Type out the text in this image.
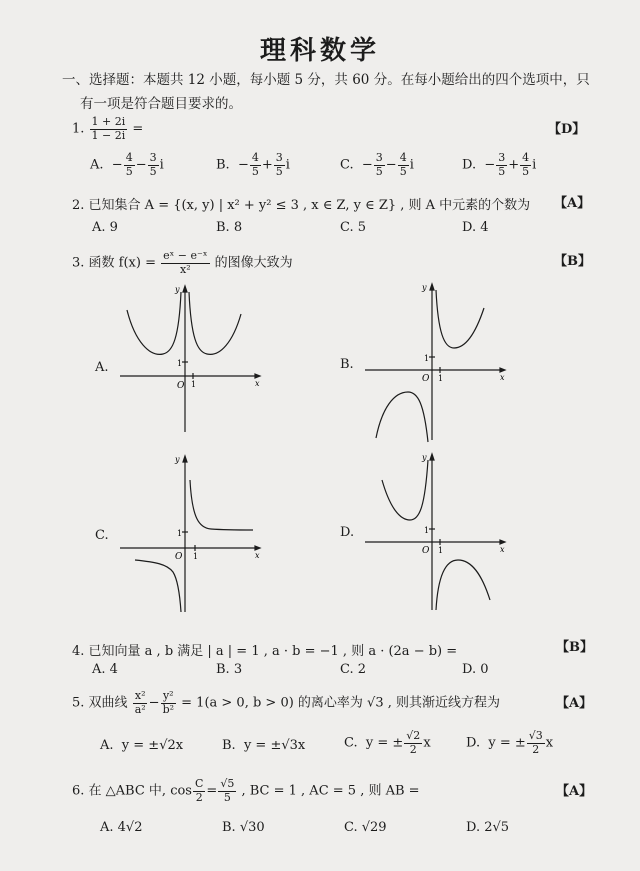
理科数学
一、选择题：本题共 12 小题，每小题 5 分，共 60 分。在每小题给出的四个选项中，只
有一项是符合题目要求的。
1. $\frac{1 + 2i}{1 - 2i}$ =	【D】
A. − $\frac{4}{5} - \frac{3}{5}$ i	B. − $\frac{4}{5} + \frac{3}{5}$ i	C. − $\frac{3}{5} - \frac{4}{5}$ i	D. − $\frac{3}{5} + \frac{4}{5}$ i
2. 已知集合 A = {(x, y) | x² + y² ≤ 3 , x ∈ Z, y ∈ Z} , 则 A 中元素的个数为 【A】
A. 9	B. 8	C. 5	D. 4
3. 函数 $f(x) = \frac{\text{eˣ − e⁻ˣ}}{\text{x²}}$ 的图像大致为	【B】
A.
O 1
1
x
y
B.
O 1
1
x
y
C.
O 1
1
x
y
D.
O 1
1
x
y
4. 已知向量 a , b 满足 | a | = 1 , a · b = −1 , 则 a · (2a − b) =	【B】
A. 4	B. 3	C. 2	D. 0
5. 双曲线 $\frac{\text{x²}}{\text{a²}} - \frac{\text{y²}}{\text{b²}} = 1(a > 0$, b > 0) 的离心率为 √3 , 则其渐近线方程为	【A】
A. y = ±√2x	B. y = ±√3x	C. y = ± $\frac{√2}{2}$ x	D. y = ± $\frac{√3}{2}$ x
6. 在 △ABC 中, $\cos \frac{C}{2} = \frac{√5}{5}$ , BC = 1 , AC = 5 , 则 AB =	【A】
A. 4√2	B. √30	C. √29	D. 2√5
